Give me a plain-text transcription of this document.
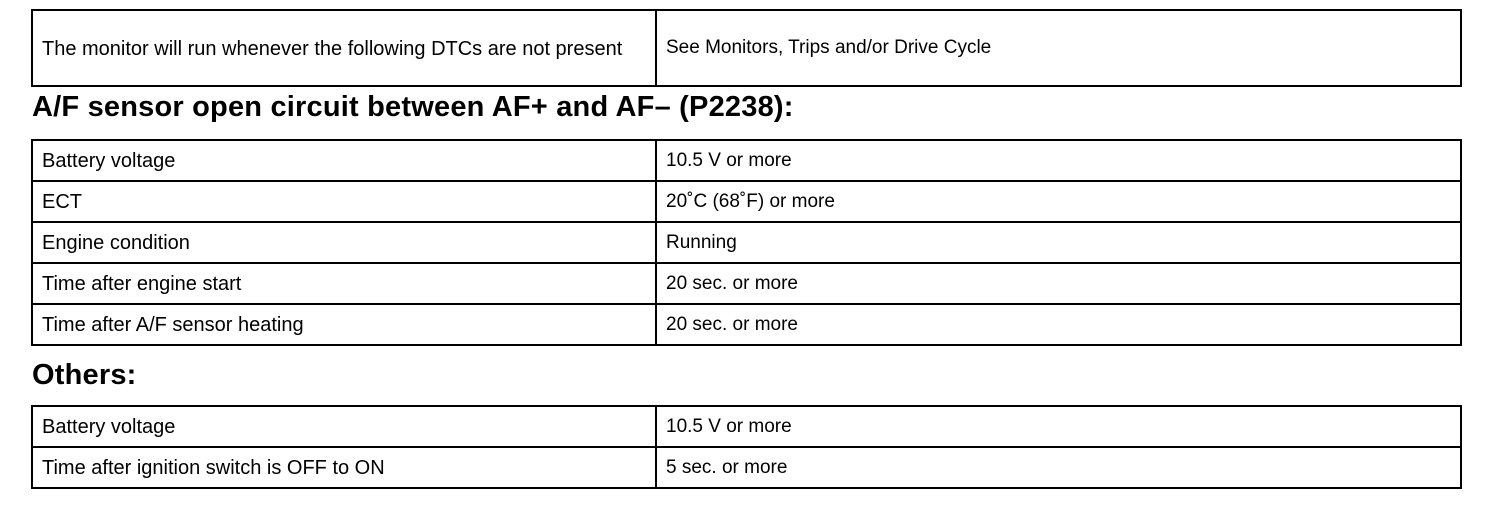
The monitor will run whenever the following DTCs are not present	See Monitors, Trips and/or Drive Cycle
A/F sensor open circuit between AF+ and AF– (P2238):
Battery voltage	10.5 V or more
ECT	20˚C (68˚F) or more
Engine condition	Running
Time after engine start	20 sec. or more
Time after A/F sensor heating	20 sec. or more
Others:
Battery voltage	10.5 V or more
Time after ignition switch is OFF to ON	5 sec. or more
